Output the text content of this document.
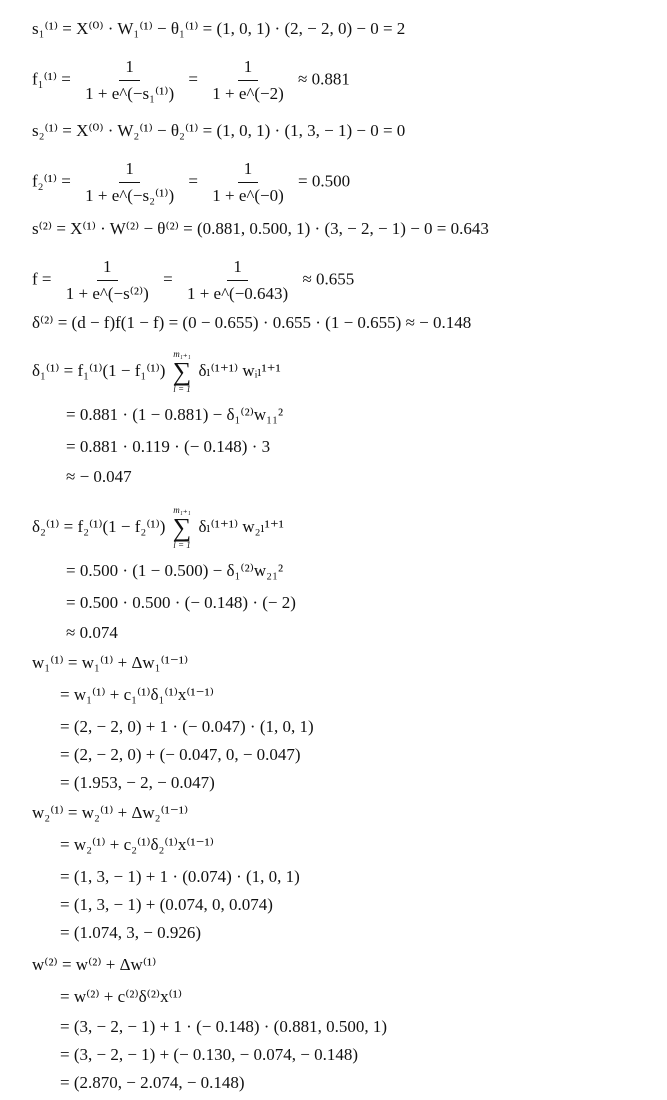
s₁⁽¹⁾ = X⁽⁰⁾ · W₁⁽¹⁾ − θ₁⁽¹⁾ = (1, 0, 1) · (2, − 2, 0) − 0 = 2
$f_1^{(1)} = \frac{1}{\text{1 + e\textasciicircum{}(−s₁⁽¹⁾)}} = \frac{1}{1 + e\^{}(-2)} \approx 0.881$
s₂⁽¹⁾ = X⁽⁰⁾ · W₂⁽¹⁾ − θ₂⁽¹⁾ = (1, 0, 1) · (1, 3, − 1) − 0 = 0
$f_2^{(1)} = \frac{1}{\text{1 + e\textasciicircum{}(−s₂⁽¹⁾)}} = \frac{1}{1 + e\^{}(-0)} = 0.500$
s⁽²⁾ = X⁽¹⁾ · W⁽²⁾ − θ⁽²⁾ = (0.881, 0.500, 1) · (3, − 2, − 1) − 0 = 0.643
$f = \frac{1}{\text{1 + e\textasciicircum{}(−s⁽²⁾)}} = \frac{1}{1 + e\^{}(-0.643)} \approx 0.655$
δ⁽²⁾ = (d − f)f(1 − f) = (0 − 0.655) · 0.655 · (1 − 0.655) ≈ − 0.148
δ₁⁽¹⁾ = f₁⁽¹⁾(1 − f₁⁽¹⁾)
m₁₊₁
∑
l = 1
δₗ⁽¹⁺¹⁾ wᵢₗ¹⁺¹
= 0.881 · (1 − 0.881) − δ₁⁽²⁾w₁₁²
= 0.881 · 0.119 · (− 0.148) · 3
≈ − 0.047
δ₂⁽¹⁾ = f₂⁽¹⁾(1 − f₂⁽¹⁾)
m₁₊₁
∑
l = 1
δₗ⁽¹⁺¹⁾ w₂ₗ¹⁺¹
= 0.500 · (1 − 0.500) − δ₁⁽²⁾w₂₁²
= 0.500 · 0.500 · (− 0.148) · (− 2)
≈ 0.074
w₁⁽¹⁾ = w₁⁽¹⁾ + Δw₁⁽¹⁻¹⁾
= w₁⁽¹⁾ + c₁⁽¹⁾δ₁⁽¹⁾x⁽¹⁻¹⁾
= (2, − 2, 0) + 1 · (− 0.047) · (1, 0, 1)
= (2, − 2, 0) + (− 0.047, 0, − 0.047)
= (1.953, − 2, − 0.047)
w₂⁽¹⁾ = w₂⁽¹⁾ + Δw₂⁽¹⁻¹⁾
= w₂⁽¹⁾ + c₂⁽¹⁾δ₂⁽¹⁾x⁽¹⁻¹⁾
= (1, 3, − 1) + 1 · (0.074) · (1, 0, 1)
= (1, 3, − 1) + (0.074, 0, 0.074)
= (1.074, 3, − 0.926)
w⁽²⁾ = w⁽²⁾ + Δw⁽¹⁾
= w⁽²⁾ + c⁽²⁾δ⁽²⁾x⁽¹⁾
= (3, − 2, − 1) + 1 · (− 0.148) · (0.881, 0.500, 1)
= (3, − 2, − 1) + (− 0.130, − 0.074, − 0.148)
= (2.870, − 2.074, − 0.148)
